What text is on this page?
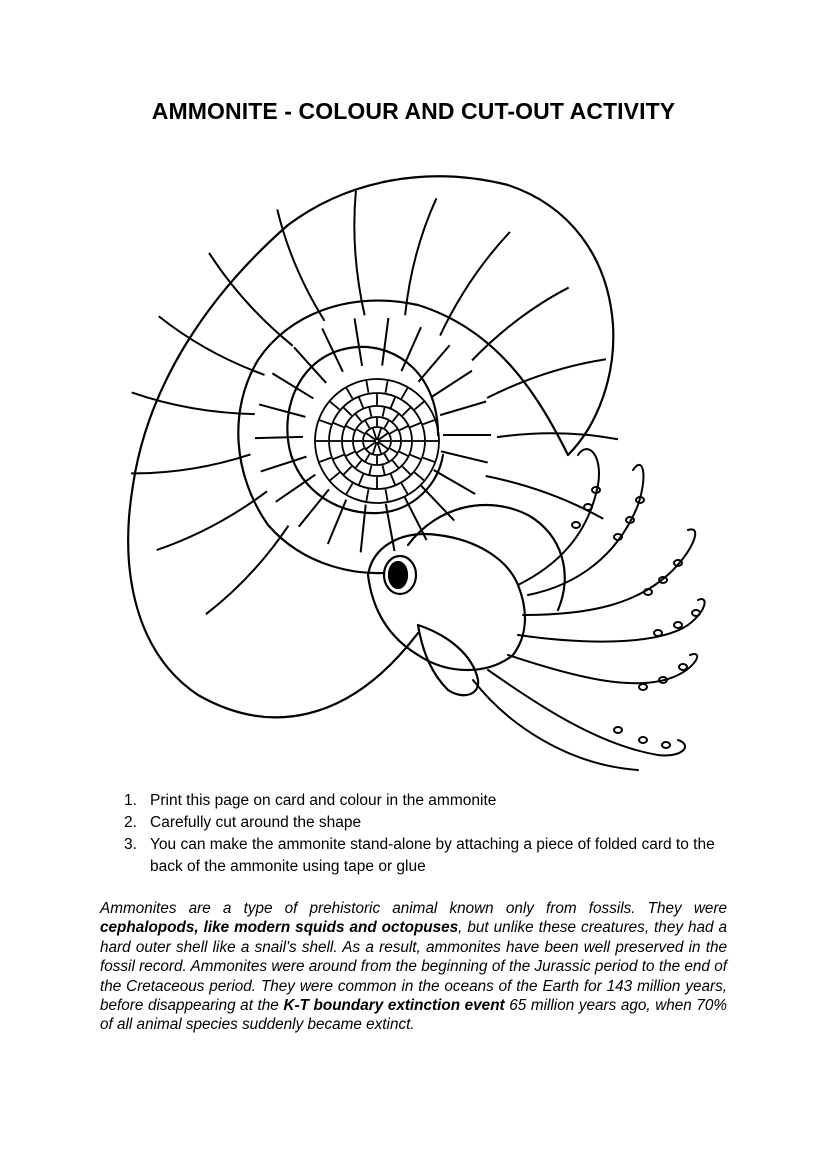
AMMONITE - COLOUR AND CUT-OUT ACTIVITY
1. Print this page on card and colour in the ammonite
2. Carefully cut around the shape
3. You can make the ammonite stand-alone by attaching a piece of folded card to the back of the ammonite using tape or glue

Ammonites are a type of prehistoric animal known only from fossils. They were cephalopods, like modern squids and octopuses, but unlike these creatures, they had a hard outer shell like a snail's shell. As a result, ammonites have been well preserved in the fossil record. Ammonites were around from the beginning of the Jurassic period to the end of the Cretaceous period. They were common in the oceans of the Earth for 143 million years, before disappearing at the K-T boundary extinction event 65 million years ago, when 70% of all animal species suddenly became extinct.
